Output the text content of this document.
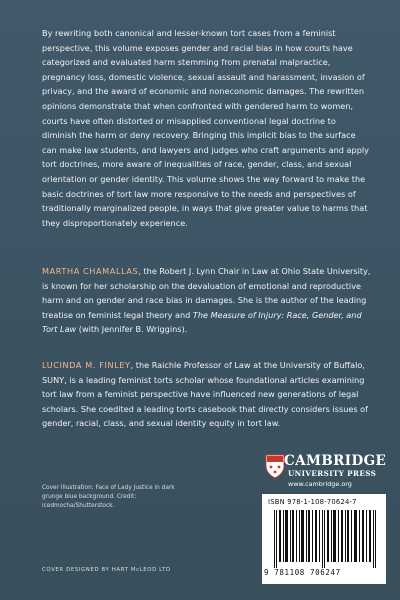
By rewriting both canonical and lesser-known tort cases from a feminist perspective, this volume exposes gender and racial bias in how courts have categorized and evaluated harm stemming from prenatal malpractice, pregnancy loss, domestic violence, sexual assault and harassment, invasion of privacy, and the award of economic and noneconomic damages. The rewritten opinions demonstrate that when confronted with gendered harm to women, courts have often distorted or misapplied conventional legal doctrine to diminish the harm or deny recovery. Bringing this implicit bias to the surface can make law students, and lawyers and judges who craft arguments and apply tort doctrines, more aware of inequalities of race, gender, class, and sexual orientation or gender identity. This volume shows the way forward to make the basic doctrines of tort law more responsive to the needs and perspectives of traditionally marginalized people, in ways that give greater value to harms that they disproportionately experience.

MARTHA CHAMALLAS, the Robert J. Lynn Chair in Law at Ohio State University, is known for her scholarship on the devaluation of emotional and reproductive harm and on gender and race bias in damages. She is the author of the leading treatise on feminist legal theory and The Measure of Injury: Race, Gender, and Tort Law (with Jennifer B. Wriggins).

LUCINDA M. FINLEY, the Raichle Professor of Law at the University of Buffalo, SUNY, is a leading feminist torts scholar whose foundational articles examining tort law from a feminist perspective have influenced new generations of legal scholars. She coedited a leading torts casebook that directly considers issues of gender, racial, class, and sexual identity equity in tort law.

Cover Illustration: Face of Lady Justice in dark grunge blue background. Credit: icedmocha/Shutterstock.

COVER DESIGNED BY HART McLEOD LTD
CAMBRIDGE
UNIVERSITY PRESS
www.cambridge.org
ISBN 978-1-108-70624-7
9 781108 706247
